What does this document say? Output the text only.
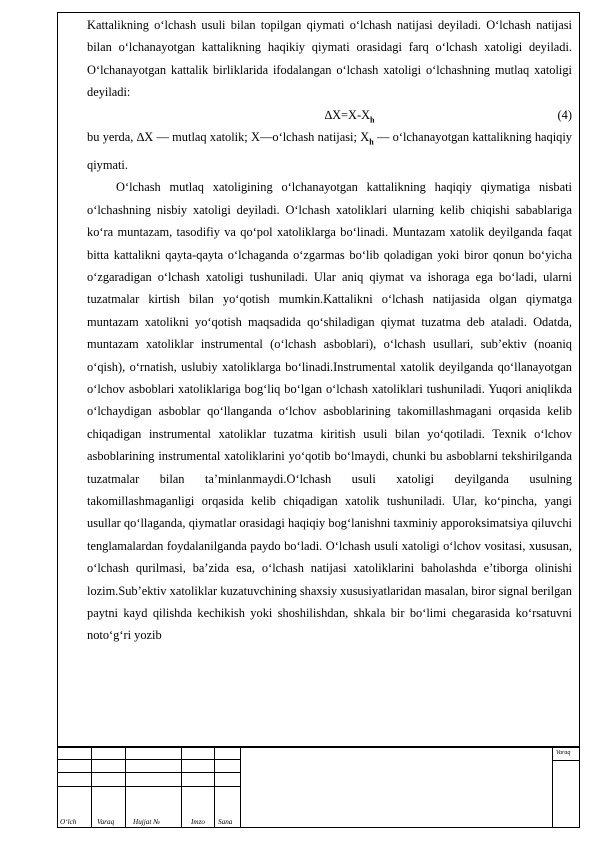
Kattalikning o‘lchash usuli bilan topilgan qiymati o‘lchash natijasi deyiladi. O‘lchash natijasi bilan o‘lchanayotgan kattalikning haqikiy qiymati orasidagi farq o‘lchash xatoligi deyiladi. O‘lchanayotgan kattalik birliklarida ifodalangan o‘lchash xatoligi o‘lchashning mutlaq xatoligi deyiladi:

$\Delta X=X-X_h$	(4)

bu yerda, ∆X — mutlaq xatolik; X—o‘lchash natijasi; $X_h$ — o‘lchanayotgan kattalikning haqiqiy qiymati.

O‘lchash mutlaq xatoligining o‘lchanayotgan kattalikning haqiqiy qiymatiga nisbati o‘lchashning nisbiy xatoligi deyiladi. O‘lchash xatoliklari ularning kelib chiqishi sabablariga ko‘ra muntazam, tasodifiy va qo‘pol xatoliklarga bo‘linadi. Muntazam xatolik deyilganda faqat bitta kattalikni qayta-qayta o‘lchaganda o‘zgarmas bo‘lib qoladigan yoki biror qonun bo‘yicha o‘zgaradigan o‘lchash xatoligi tushuniladi. Ular aniq qiymat va ishoraga ega bo‘ladi, ularni tuzatmalar kirtish bilan yo‘qotish mumkin.Kattalikni o‘lchash natijasida olgan qiymatga muntazam xatolikni yo‘qotish maqsadida qo‘shiladigan qiymat tuzatma deb ataladi. Odatda, muntazam xatoliklar instrumental (o‘lchash asboblari), o‘lchash usullari, sub’ektiv (noaniq o‘qish), o‘rnatish, uslubiy xatoliklarga bo‘linadi.Instrumental xatolik deyilganda qo‘llanayotgan o‘lchov asboblari xatoliklariga bog‘liq bo‘lgan o‘lchash xatoliklari tushuniladi. Yuqori aniqlikda o‘lchaydigan asboblar qo‘llanganda o‘lchov asboblarining takomillashmagani orqasida kelib chiqadigan instrumental xatoliklar tuzatma kiritish usuli bilan yo‘qotiladi. Texnik o‘lchov asboblarining instrumental xatoliklarini yo‘qotib bo‘lmaydi, chunki bu asboblarni tekshirilganda tuzatmalar bilan ta’minlanmaydi.O‘lchash usuli xatoligi deyilganda usulning takomillashmaganligi orqasida kelib chiqadigan xatolik tushuniladi. Ular, ko‘pincha, yangi usullar qo‘llaganda, qiymatlar orasidagi haqiqiy bog‘lanishni taxminiy apporoksimatsiya qiluvchi tenglamalardan foydalanilganda paydo bo‘ladi. O‘lchash usuli xatoligi o‘lchov vositasi, xususan, o‘lchash qurilmasi, ba’zida esa, o‘lchash natijasi xatoliklarini baholashda e’tiborga olinishi lozim.Sub’ektiv xatoliklar kuzatuvchining shaxsiy xususiyatlaridan masalan, biror signal berilgan paytni kayd qilishda kechikish yoki shoshilishdan, shkala bir bo‘limi chegarasida ko‘rsatuvni noto‘g‘ri yozib

O‘lch	Varaq	Hujjat №	Imzo Sana
Varaq
